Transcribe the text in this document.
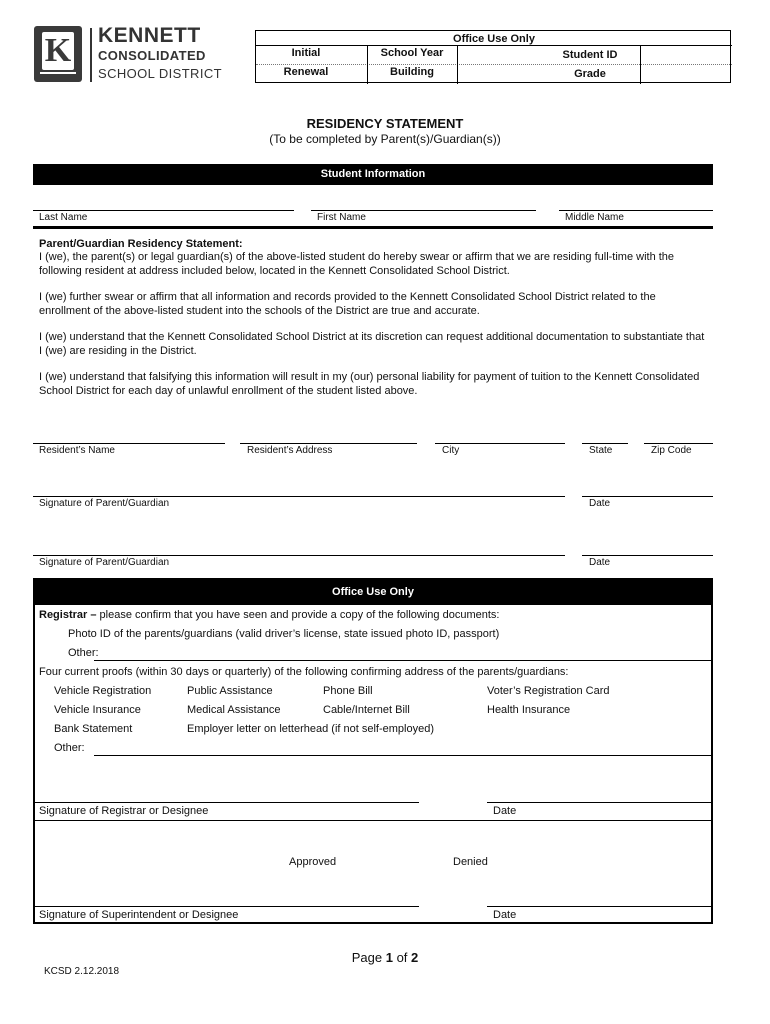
K KENNETT
CONSOLIDATED
SCHOOL DISTRICT
Office Use Only
Initial	School Year
Renewal	Building
Student ID
Grade
RESIDENCY STATEMENT
(To be completed by Parent(s)/Guardian(s))
Student Information
Last Name	First Name	Middle Name
Parent/Guardian Residency Statement:
I (we), the parent(s) or legal guardian(s) of the above-listed student do hereby swear or affirm that we are residing full-time with the following resident at address included below, located in the Kennett Consolidated School District.
I (we) further swear or affirm that all information and records provided to the Kennett Consolidated School District related to the enrollment of the above-listed student into the schools of the District are true and accurate.
I (we) understand that the Kennett Consolidated School District at its discretion can request additional documentation to substantiate that I (we) are residing in the District.
I (we) understand that falsifying this information will result in my (our) personal liability for payment of tuition to the Kennett Consolidated School District for each day of unlawful enrollment of the student listed above.
Resident’s Name	Resident’s Address	City	State	Zip Code
Signature of Parent/Guardian	Date
Signature of Parent/Guardian	Date
Office Use Only
Registrar – please confirm that you have seen and provide a copy of the following documents:
Photo ID of the parents/guardians (valid driver’s license, state issued photo ID, passport)
Other:
Four current proofs (within 30 days or quarterly) of the following confirming address of the parents/guardians:
Vehicle Registration	Public Assistance	Phone Bill	Voter’s Registration Card
Vehicle Insurance	Medical Assistance	Cable/Internet Bill	Health Insurance
Bank Statement	Employer letter on letterhead (if not self-employed)
Other:
Signature of Registrar or Designee	Date
Approved	Denied
Signature of Superintendent or Designee	Date
Page 1 of 2
KCSD 2.12.2018
